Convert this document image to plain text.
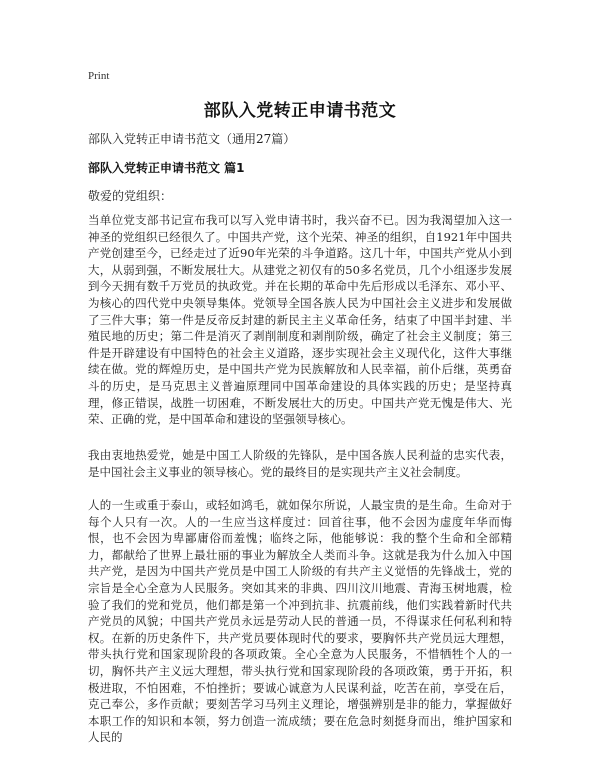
Print
部队入党转正申请书范文
部队入党转正申请书范文（通用27篇）
部队入党转正申请书范文 篇1
敬爱的党组织：

当单位党支部书记宣布我可以写入党申请书时，我兴奋不已。因为我渴望加入这一神圣的党组织已经很久了。中国共产党，这个光荣、神圣的组织，自1921年中国共产党创建至今，已经走过了近90年光荣的斗争道路。这几十年，中国共产党从小到大，从弱到强，不断发展壮大。从建党之初仅有的50多名党员，几个小组逐步发展到今天拥有数千万党员的执政党。并在长期的革命中先后形成以毛泽东、邓小平、为核心的四代党中央领导集体。党领导全国各族人民为中国社会主义进步和发展做了三件大事；第一件是反帝反封建的新民主主义革命任务，结束了中国半封建、半殖民地的历史；第二件是消灭了剥削制度和剥削阶级，确定了社会主义制度；第三件是开辟建设有中国特色的社会主义道路，逐步实现社会主义现代化，这件大事继续在做。党的辉煌历史，是中国共产党为民族解放和人民幸福，前仆后继，英勇奋斗的历史，是马克思主义普遍原理同中国革命建设的具体实践的历史；是坚持真理，修正错误，战胜一切困难，不断发展壮大的历史。中国共产党无愧是伟大、光荣、正确的党，是中国革命和建设的坚强领导核心。

我由衷地热爱党，她是中国工人阶级的先锋队，是中国各族人民利益的忠实代表，是中国社会主义事业的领导核心。党的最终目的是实现共产主义社会制度。

人的一生或重于泰山，或轻如鸿毛，就如保尔所说，人最宝贵的是生命。生命对于每个人只有一次。人的一生应当这样度过：回首往事，他不会因为虚度年华而悔恨，也不会因为卑鄙庸俗而羞愧；临终之际，他能够说：我的整个生命和全部精力，都献给了世界上最壮丽的事业为解放全人类而斗争。这就是我为什么加入中国共产党，是因为中国共产党员是中国工人阶级的有共产主义觉悟的先锋战士，党的宗旨是全心全意为人民服务。突如其来的非典、四川汶川地震、青海玉树地震，检验了我们的党和党员，他们都是第一个冲到抗非、抗震前线，他们实践着新时代共产党员的风貌；中国共产党员永远是劳动人民的普通一员，不得谋求任何私利和特权。在新的历史条件下，共产党员要体现时代的要求，要胸怀共产党员远大理想，带头执行党和国家现阶段的各项政策。全心全意为人民服务，不惜牺牲个人的一切，胸怀共产主义远大理想，带头执行党和国家现阶段的各项政策，勇于开拓，积极进取，不怕困难，不怕挫折；要诚心诚意为人民谋利益，吃苦在前，享受在后，克己奉公，多作贡献；要刻苦学习马列主义理论，增强辨别是非的能力，掌握做好本职工作的知识和本领，努力创造一流成绩；要在危急时刻挺身而出，维护国家和人民的
